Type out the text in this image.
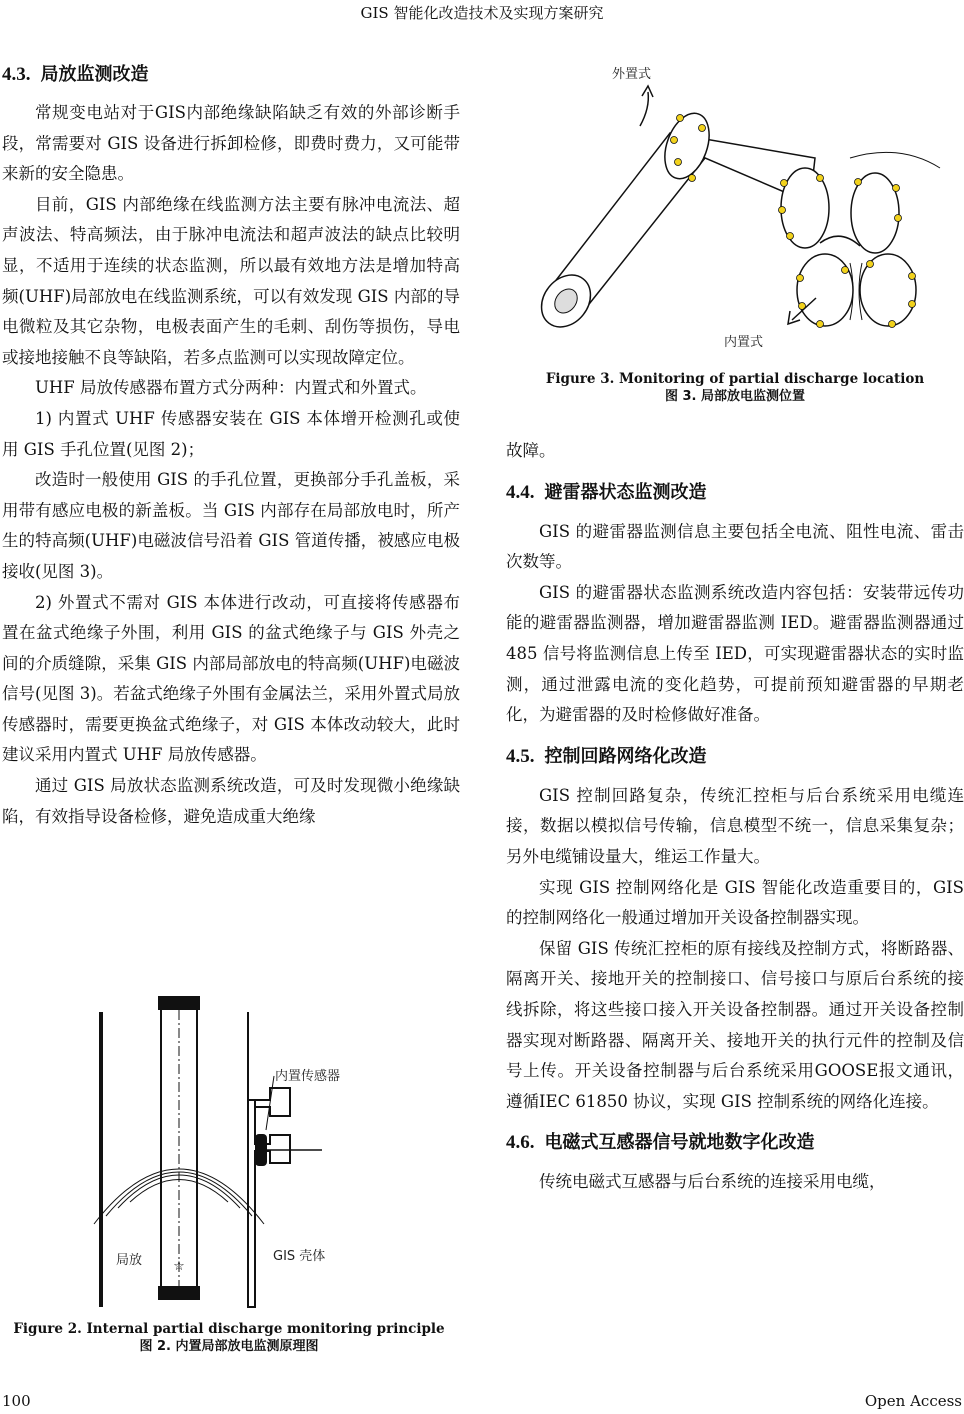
GIS 智能化改造技术及实现方案研究
4.3. 局放监测改造

常规变电站对于GIS内部绝缘缺陷缺乏有效的外部诊断手段，常需要对 GIS 设备进行拆卸检修，即费时费力，又可能带来新的安全隐患。

目前，GIS 内部绝缘在线监测方法主要有脉冲电流法、超声波法、特高频法，由于脉冲电流法和超声波法的缺点比较明显，不适用于连续的状态监测，所以最有效地方法是增加特高频(UHF)局部放电在线监测系统，可以有效发现 GIS 内部的导电微粒及其它杂物，电极表面产生的毛刺、刮伤等损伤，导电或接地接触不良等缺陷，若多点监测可以实现故障定位。

UHF 局放传感器布置方式分两种：内置式和外置式。

1) 内置式 UHF 传感器安装在 GIS 本体增开检测孔或使用 GIS 手孔位置(见图 2)；

改造时一般使用 GIS 的手孔位置，更换部分手孔盖板，采用带有感应电极的新盖板。当 GIS 内部存在局部放电时，所产生的特高频(UHF)电磁波信号沿着 GIS 管道传播，被感应电极接收(见图 3)。

2) 外置式不需对 GIS 本体进行改动，可直接将传感器布置在盆式绝缘子外围，利用 GIS 的盆式绝缘子与 GIS 外壳之间的介质缝隙，采集 GIS 内部局部放电的特高频(UHF)电磁波信号(见图 3)。若盆式绝缘子外围有金属法兰，采用外置式局放传感器时，需要更换盆式绝缘子，对 GIS 本体改动较大，此时建议采用内置式 UHF 局放传感器。

通过 GIS 局放状态监测系统改造，可及时发现微小绝缘缺陷，有效指导设备检修，避免造成重大绝缘

☆
内置传感器
局放	GIS 壳体
Figure 2. Internal partial discharge monitoring principle
图 2. 内置局部放电监测原理图
外置式
内置式
Figure 3. Monitoring of partial discharge location
图 3. 局部放电监测位置

故障。

4.4. 避雷器状态监测改造

GIS 的避雷器监测信息主要包括全电流、阻性电流、雷击次数等。

GIS 的避雷器状态监测系统改造内容包括：安装带远传功能的避雷器监测器，增加避雷器监测 IED。避雷器监测器通过 485 信号将监测信息上传至 IED，可实现避雷器状态的实时监测，通过泄露电流的变化趋势，可提前预知避雷器的早期老化，为避雷器的及时检修做好准备。

4.5. 控制回路网络化改造

GIS 控制回路复杂，传统汇控柜与后台系统采用电缆连接，数据以模拟信号传输，信息模型不统一，信息采集复杂；另外电缆铺设量大，维运工作量大。

实现 GIS 控制网络化是 GIS 智能化改造重要目的，GIS 的控制网络化一般通过增加开关设备控制器实现。

保留 GIS 传统汇控柜的原有接线及控制方式，将断路器、隔离开关、接地开关的控制接口、信号接口与原后台系统的接线拆除，将这些接口接入开关设备控制器。通过开关设备控制器实现对断路器、隔离开关、接地开关的执行元件的控制及信号上传。开关设备控制器与后台系统采用GOOSE报文通讯，遵循IEC 61850 协议，实现 GIS 控制系统的网络化连接。

4.6. 电磁式互感器信号就地数字化改造

传统电磁式互感器与后台系统的连接采用电缆，

100	Open Access
